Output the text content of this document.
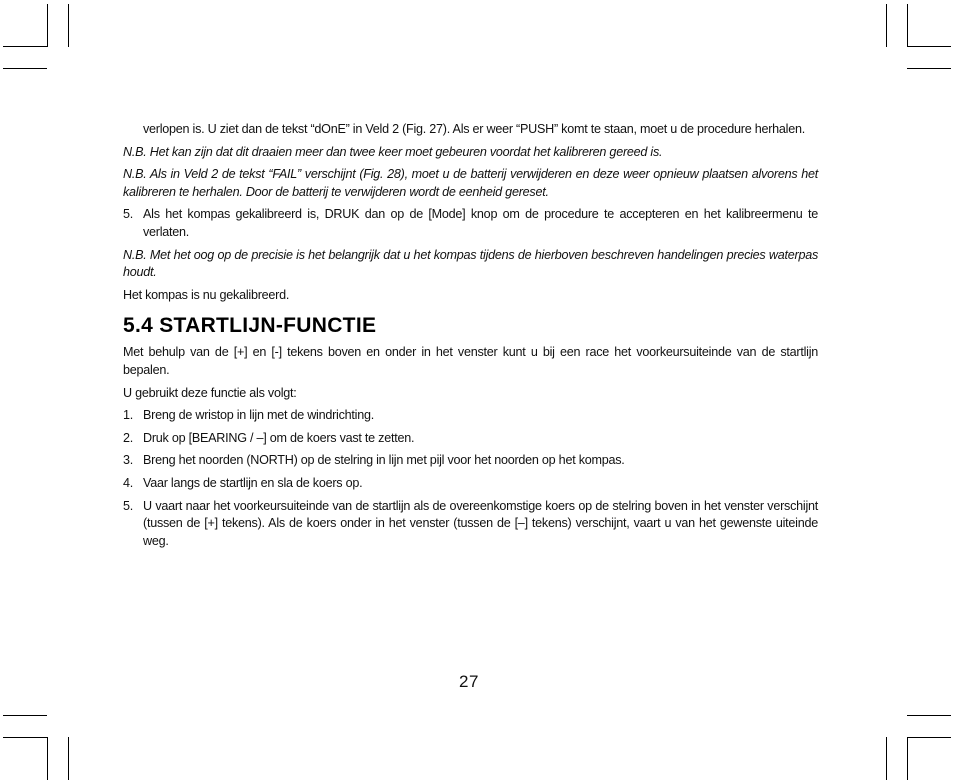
verlopen is. U ziet dan de tekst “dOnE” in Veld 2 (Fig. 27). Als er weer “PUSH” komt te staan, moet u de procedure herhalen.

N.B. Het kan zijn dat dit draaien meer dan twee keer moet gebeuren voordat het kalibreren gereed is.

N.B. Als in Veld 2 de tekst “FAIL” verschijnt (Fig. 28), moet u de batterij verwijderen en deze weer opnieuw plaatsen alvorens het kalibreren te herhalen. Door de batterij te verwijderen wordt de eenheid gereset.

5. Als het kompas gekalibreerd is, DRUK dan op de [Mode] knop om de procedure te accepteren en het kalibreermenu te verlaten.

N.B. Met het oog op de precisie is het belangrijk dat u het kompas tijdens de hierboven beschreven handelingen precies waterpas houdt.

Het kompas is nu gekalibreerd.

5.4 STARTLIJN-FUNCTIE

Met behulp van de [+] en [-] tekens boven en onder in het venster kunt u bij een race het voorkeursuiteinde van de startlijn bepalen.

U gebruikt deze functie als volgt:

1. Breng de wristop in lijn met de windrichting.

2. Druk op [BEARING / –] om de koers vast te zetten.

3. Breng het noorden (NORTH) op de stelring in lijn met pijl voor het noorden op het kompas.

4. Vaar langs de startlijn en sla de koers op.

5. U vaart naar het voorkeursuiteinde van de startlijn als de overeenkomstige koers op de stelring boven in het venster verschijnt (tussen de [+] tekens). Als de koers onder in het venster (tussen de [–] tekens) verschijnt, vaart u van het gewenste uiteinde weg.

27
